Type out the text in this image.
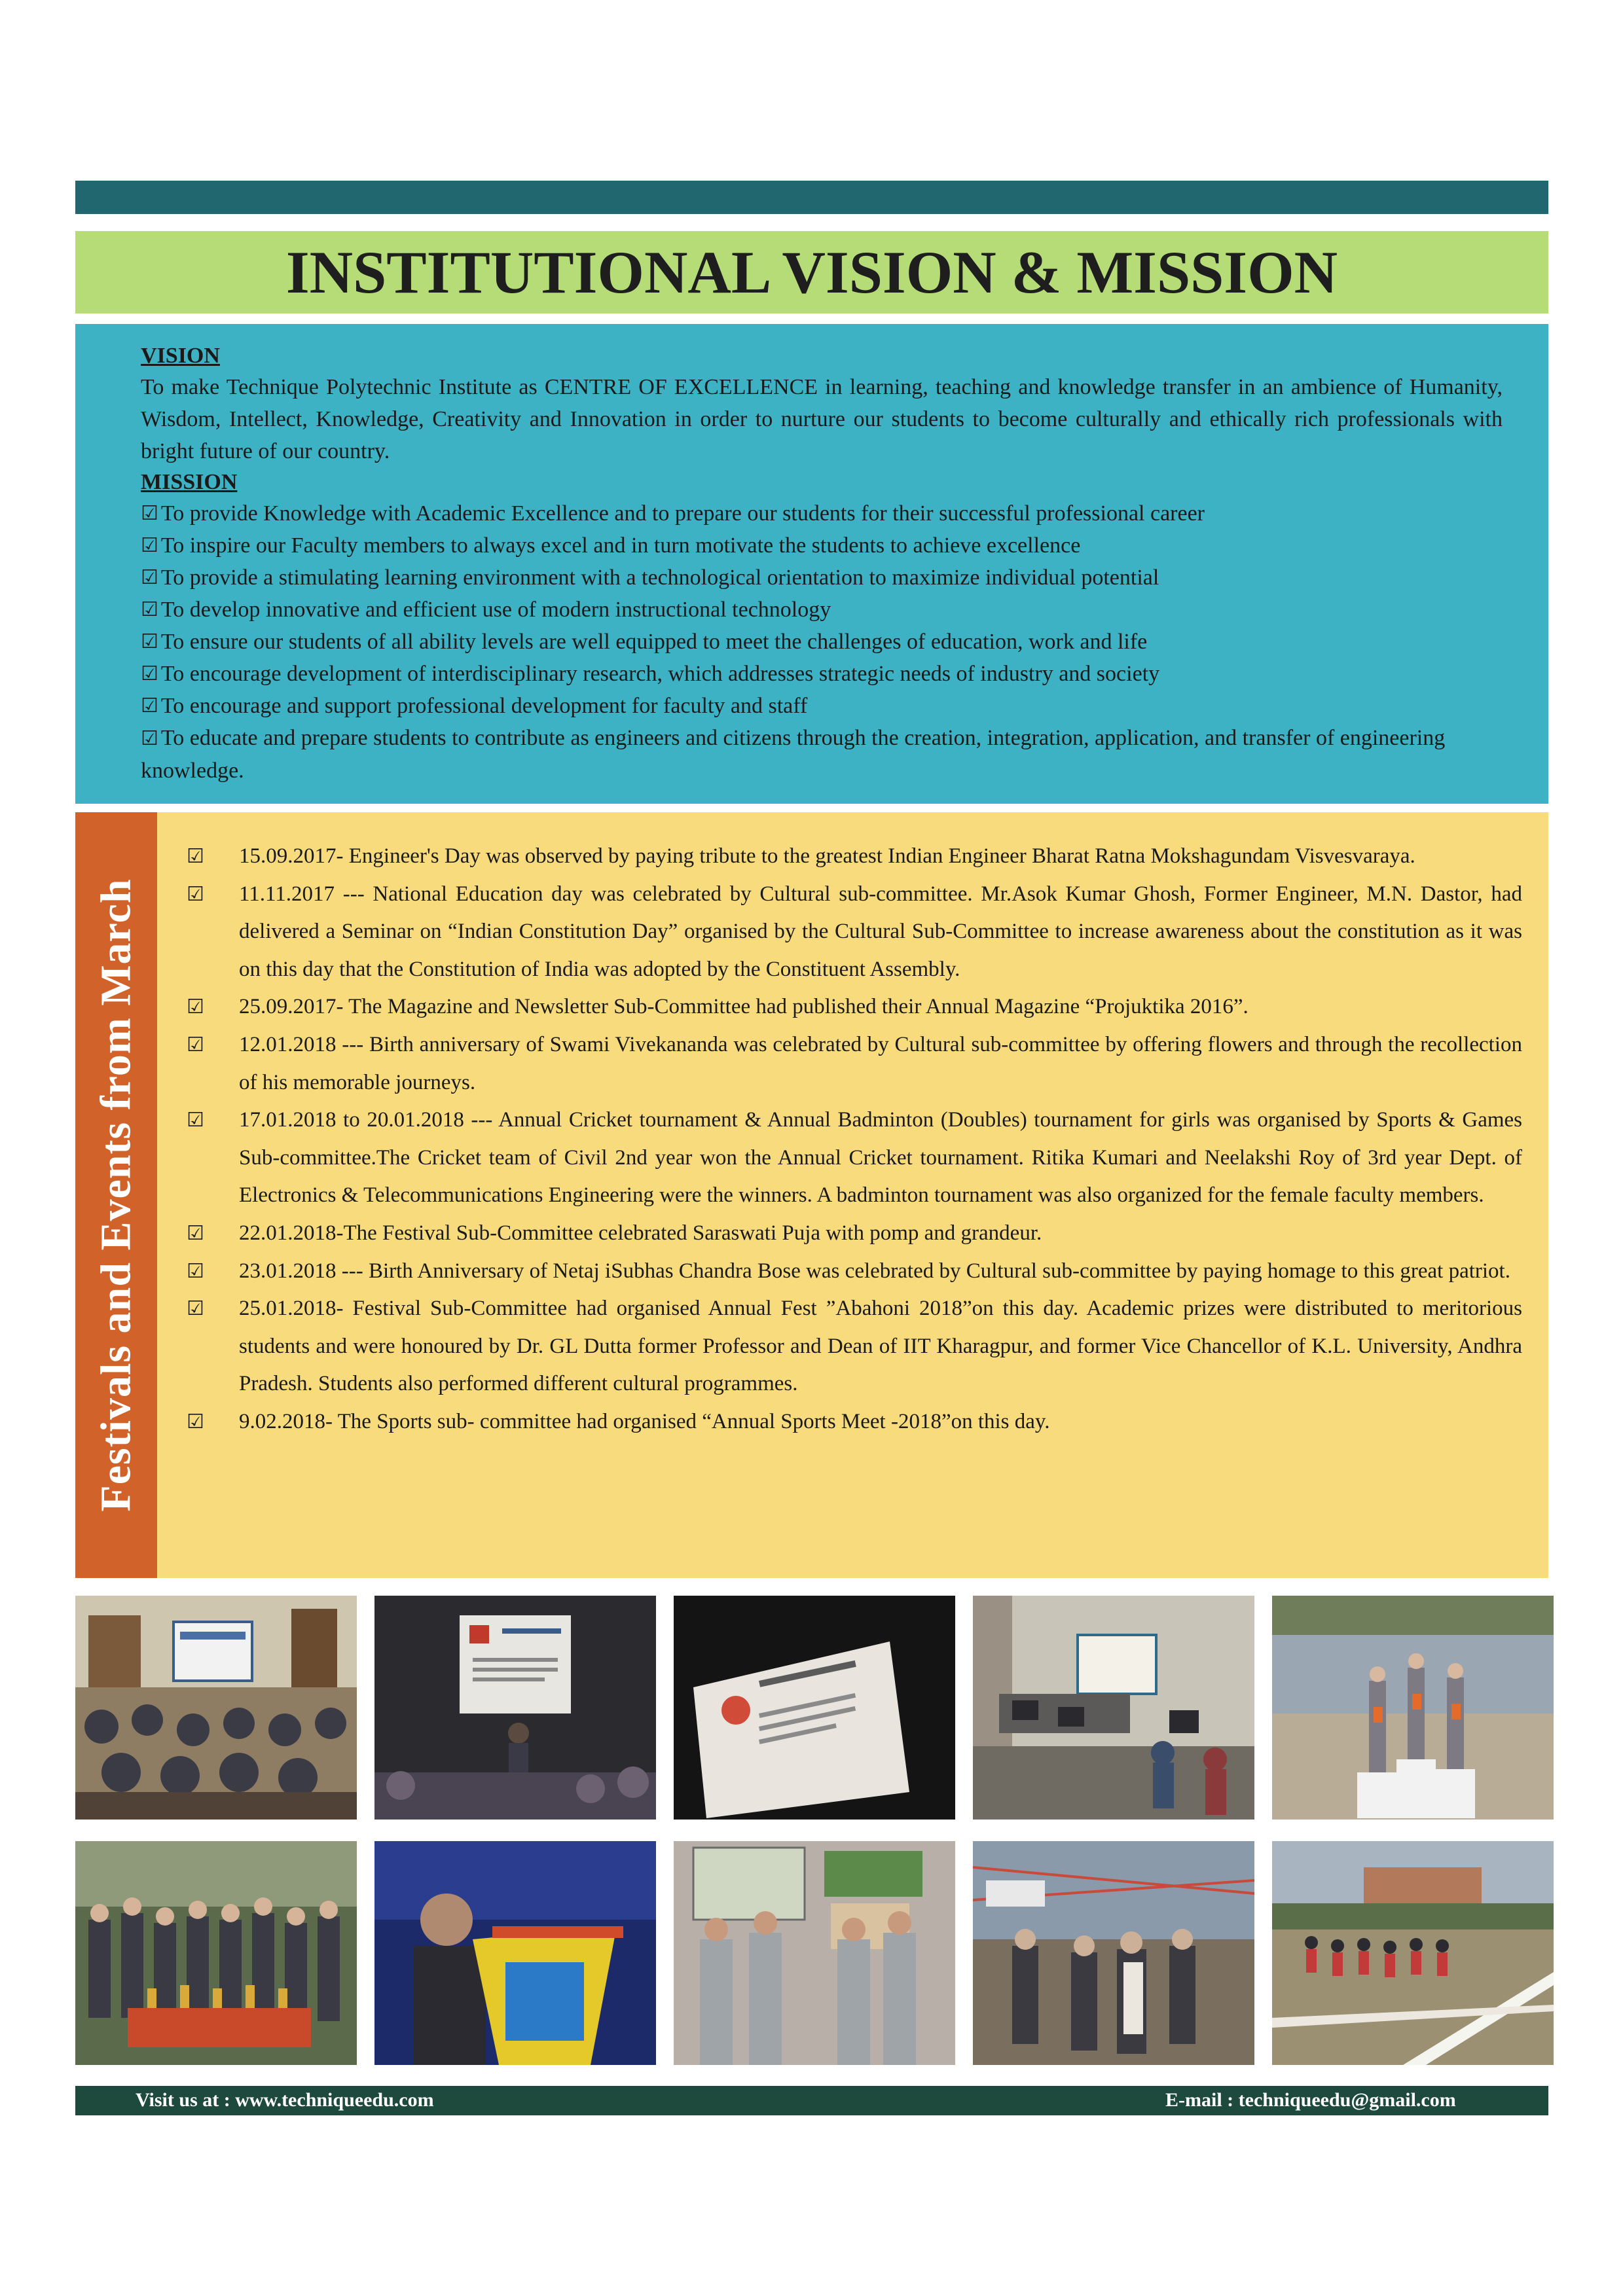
INSTITUTIONAL VISION & MISSION
VISION

To make Technique Polytechnic Institute as CENTRE OF EXCELLENCE in learning, teaching and knowledge transfer in an ambience of Humanity, Wisdom, Intellect, Knowledge, Creativity and Innovation in order to nurture our students to become culturally and ethically rich professionals with bright future of our country.

MISSION
☑ To provide Knowledge with Academic Excellence and to prepare our students for their successful professional career
☑ To inspire our Faculty members to always excel and in turn motivate the students to achieve excellence
☑ To provide a stimulating learning environment with a technological orientation to maximize individual potential
☑ To develop innovative and efficient use of modern instructional technology
☑ To ensure our students of all ability levels are well equipped to meet the challenges of education, work and life
☑ To encourage development of interdisciplinary research, which addresses strategic needs of industry and society
☑ To encourage and support professional development for faculty and staff
☑ To educate and prepare students to contribute as engineers and citizens through the creation, integration, application, and transfer of engineering knowledge.
Festivals and Events from March
☑	15.09.2017- Engineer's Day was observed by paying tribute to the greatest Indian Engineer Bharat Ratna Mokshagundam Visvesvaraya.
☑	11.11.2017 --- National Education day was celebrated by Cultural sub-committee. Mr.Asok Kumar Ghosh, Former Engineer, M.N. Dastor, had delivered a Seminar on “Indian Constitution Day” organised by the Cultural Sub-Committee to increase awareness about the constitution as it was on this day that the Constitution of India was adopted by the Constituent Assembly.
☑	25.09.2017- The Magazine and Newsletter Sub-Committee had published their Annual Magazine “Projuktika 2016”.
☑	12.01.2018 --- Birth anniversary of Swami Vivekananda was celebrated by Cultural sub-committee by offering flowers and through the recollection of his memorable journeys.
☑	17.01.2018 to 20.01.2018 --- Annual Cricket tournament & Annual Badminton (Doubles) tournament for girls was organised by Sports & Games Sub-committee.The Cricket team of Civil 2nd year won the Annual Cricket tournament. Ritika Kumari and Neelakshi Roy of 3rd year Dept. of Electronics & Telecommunications Engineering were the winners. A badminton tournament was also organized for the female faculty members.
☑	22.01.2018-The Festival Sub-Committee celebrated Saraswati Puja with pomp and grandeur.
☑	23.01.2018 --- Birth Anniversary of Netaj iSubhas Chandra Bose was celebrated by Cultural sub-committee by paying homage to this great patriot.
☑	25.01.2018- Festival Sub-Committee had organised Annual Fest ”Abahoni 2018”on this day. Academic prizes were distributed to meritorious students and were honoured by Dr. GL Dutta former Professor and Dean of IIT Kharagpur, and former Vice Chancellor of K.L. University, Andhra Pradesh. Students also performed different cultural programmes.
☑	9.02.2018- The Sports sub- committee had organised “Annual Sports Meet -2018”on this day.
Visit us at : www.techniqueedu.com	E-mail : techniqueedu@gmail.com
